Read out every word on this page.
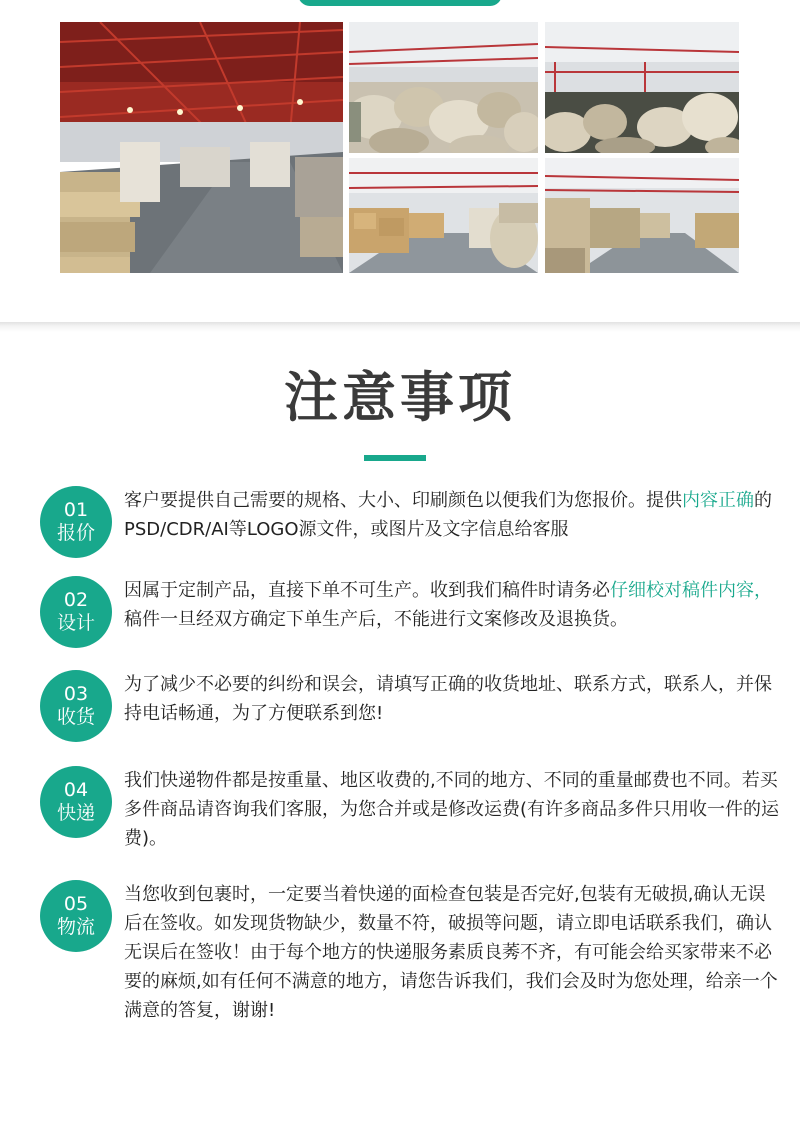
注意事项
01
报价
客户要提供自己需要的规格、大小、印刷颜色以便我们为您报价。提供内容正确的PSD/CDR/AI等LOGO源文件，或图片及文字信息给客服
02
设计
因属于定制产品，直接下单不可生产。收到我们稿件时请务必仔细校对稿件内容，稿件一旦经双方确定下单生产后，不能进行文案修改及退换货。
03
收货
为了减少不必要的纠纷和误会，请填写正确的收货地址、联系方式，联系人，并保持电话畅通，为了方便联系到您!
04
快递
我们快递物件都是按重量、地区收费的,不同的地方、不同的重量邮费也不同。若买多件商品请咨询我们客服，为您合并或是修改运费(有许多商品多件只用收一件的运费)。
05
物流
当您收到包裹时，一定要当着快递的面检查包装是否完好,包装有无破损,确认无误后在签收。如发现货物缺少，数量不符，破损等问题，请立即电话联系我们，确认无误后在签收！由于每个地方的快递服务素质良莠不齐，有可能会给买家带来不必要的麻烦,如有任何不满意的地方，请您告诉我们，我们会及时为您处理，给亲一个满意的答复，谢谢!
